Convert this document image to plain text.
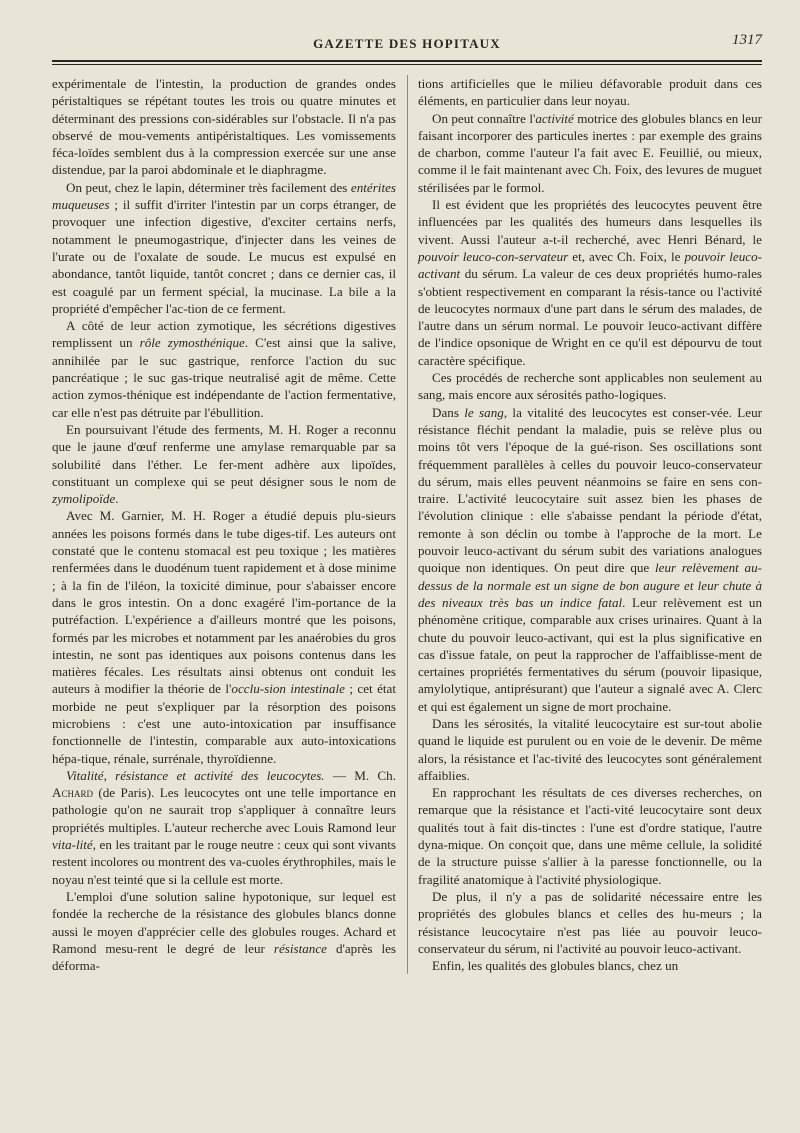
GAZETTE DES HOPITAUX	1317

expérimentale de l'intestin, la production de grandes ondes péristaltiques se répétant toutes les trois ou quatre minutes et déterminant des pressions con-sidérables sur l'obstacle. Il n'a pas observé de mou-vements antipéristaltiques. Les vomissements féca-loïdes semblent dus à la compression exercée sur une anse distendue, par la paroi abdominale et le diaphragme.

On peut, chez le lapin, déterminer très facilement des entérites muqueuses ; il suffit d'irriter l'intestin par un corps étranger, de provoquer une infection digestive, d'exciter certains nerfs, notamment le pneumogastrique, d'injecter dans les veines de l'urate ou de l'oxalate de soude. Le mucus est expulsé en abondance, tantôt liquide, tantôt concret ; dans ce dernier cas, il est coagulé par un ferment spécial, la mucinase. La bile a la propriété d'empêcher l'ac-tion de ce ferment.

A côté de leur action zymotique, les sécrétions digestives remplissent un rôle zymosthénique. C'est ainsi que la salive, annihilée par le suc gastrique, renforce l'action du suc pancréatique ; le suc gas-trique neutralisé agit de même. Cette action zymos-thénique est indépendante de l'action fermentative, car elle n'est pas détruite par l'ébullition.

En poursuivant l'étude des ferments, M. H. Roger a reconnu que le jaune d'œuf renferme une amylase remarquable par sa solubilité dans l'éther. Le fer-ment adhère aux lipoïdes, constituant un complexe qui se peut désigner sous le nom de zymolipoïde.

Avec M. Garnier, M. H. Roger a étudié depuis plu-sieurs années les poisons formés dans le tube diges-tif. Les auteurs ont constaté que le contenu stomacal est peu toxique ; les matières renfermées dans le duodénum tuent rapidement et à dose minime ; à la fin de l'iléon, la toxicité diminue, pour s'abaisser encore dans le gros intestin. On a donc exagéré l'im-portance de la putréfaction. L'expérience a d'ailleurs montré que les poisons, formés par les microbes et notamment par les anaérobies du gros intestin, ne sont pas identiques aux poisons contenus dans les matières fécales. Les résultats ainsi obtenus ont conduit les auteurs à modifier la théorie de l'occlu-sion intestinale ; cet état morbide ne peut s'expliquer par la résorption des poisons microbiens : c'est une auto-intoxication par insuffisance fonctionnelle de l'intestin, comparable aux auto-intoxications hépa-tique, rénale, surrénale, thyroïdienne.

Vitalité, résistance et activité des leucocytes. — M. Ch. Achard (de Paris). Les leucocytes ont une telle importance en pathologie qu'on ne saurait trop s'appliquer à connaître leurs propriétés multiples. L'auteur recherche avec Louis Ramond leur vita-lité, en les traitant par le rouge neutre : ceux qui sont vivants restent incolores ou montrent des va-cuoles érythrophiles, mais le noyau n'est teinté que si la cellule est morte.

L'emploi d'une solution saline hypotonique, sur lequel est fondée la recherche de la résistance des globules blancs donne aussi le moyen d'apprécier celle des globules rouges. Achard et Ramond mesu-rent le degré de leur résistance d'après les déforma-

tions artificielles que le milieu défavorable produit dans ces éléments, en particulier dans leur noyau.

On peut connaître l'activité motrice des globules blancs en leur faisant incorporer des particules inertes : par exemple des grains de charbon, comme l'auteur l'a fait avec E. Feuillié, ou mieux, comme il le fait maintenant avec Ch. Foix, des levures de muguet stérilisées par le formol.

Il est évident que les propriétés des leucocytes peuvent être influencées par les qualités des humeurs dans lesquelles ils vivent. Aussi l'auteur a-t-il recherché, avec Henri Bénard, le pouvoir leuco-con-servateur et, avec Ch. Foix, le pouvoir leuco-activant du sérum. La valeur de ces deux propriétés humo-rales s'obtient respectivement en comparant la résis-tance ou l'activité de leucocytes normaux d'une part dans le sérum des malades, de l'autre dans un sérum normal. Le pouvoir leuco-activant diffère de l'indice opsonique de Wright en ce qu'il est dépourvu de tout caractère spécifique.

Ces procédés de recherche sont applicables non seulement au sang, mais encore aux sérosités patho-logiques.

Dans le sang, la vitalité des leucocytes est conser-vée. Leur résistance fléchit pendant la maladie, puis se relève plus ou moins tôt vers l'époque de la gué-rison. Ses oscillations sont fréquemment parallèles à celles du pouvoir leuco-conservateur du sérum, mais elles peuvent néanmoins se faire en sens con-traire. L'activité leucocytaire suit assez bien les phases de l'évolution clinique : elle s'abaisse pendant la période d'état, remonte à son déclin ou tombe à l'approche de la mort. Le pouvoir leuco-activant du sérum subit des variations analogues quoique non identiques. On peut dire que leur relèvement au-dessus de la normale est un signe de bon augure et leur chute à des niveaux très bas un indice fatal. Leur relèvement est un phénomène critique, comparable aux crises urinaires. Quant à la chute du pouvoir leuco-activant, qui est la plus significative en cas d'issue fatale, on peut la rapprocher de l'affaiblisse-ment de certaines propriétés fermentatives du sérum (pouvoir lipasique, amylolytique, antiprésurant) que l'auteur a signalé avec A. Clerc et qui est également un signe de mort prochaine.

Dans les sérosités, la vitalité leucocytaire est sur-tout abolie quand le liquide est purulent ou en voie de le devenir. De même alors, la résistance et l'ac-tivité des leucocytes sont généralement affaiblies.

En rapprochant les résultats de ces diverses recherches, on remarque que la résistance et l'acti-vité leucocytaire sont deux qualités tout à fait dis-tinctes : l'une est d'ordre statique, l'autre dyna-mique. On conçoit que, dans une même cellule, la solidité de la structure puisse s'allier à la paresse fonctionnelle, ou la fragilité anatomique à l'activité physiologique.

De plus, il n'y a pas de solidarité nécessaire entre les propriétés des globules blancs et celles des hu-meurs ; la résistance leucocytaire n'est pas liée au pouvoir leuco-conservateur du sérum, ni l'activité au pouvoir leuco-activant.

Enfin, les qualités des globules blancs, chez un
